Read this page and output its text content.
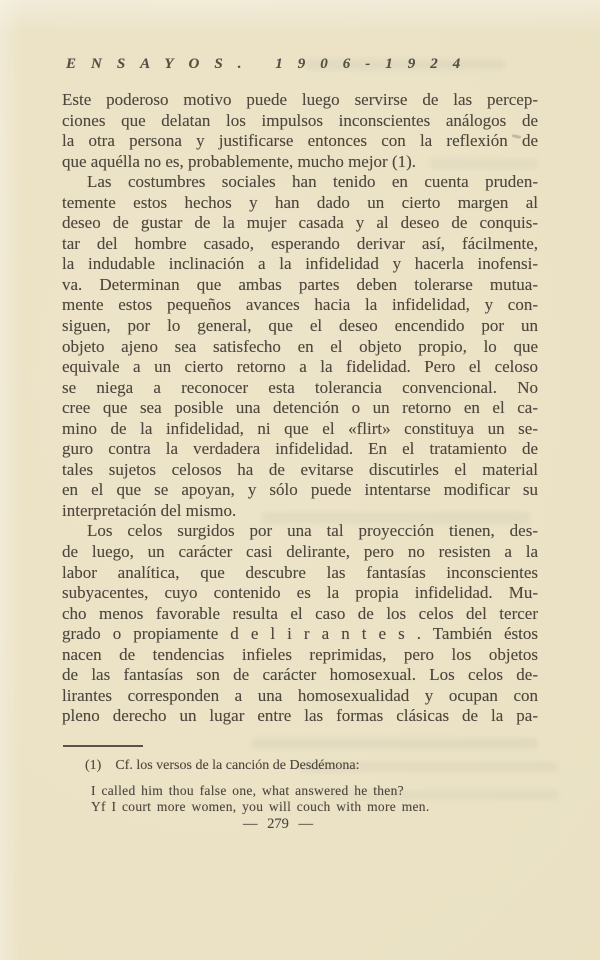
ENSAYOS. 1906-1924
Este poderoso motivo puede luego servirse de las percep-
ciones que delatan los impulsos inconscientes análogos de
la otra persona y justificarse entonces con la reflexión de
que aquélla no es, probablemente, mucho mejor (1).
Las costumbres sociales han tenido en cuenta pruden-
temente estos hechos y han dado un cierto margen al
deseo de gustar de la mujer casada y al deseo de conquis-
tar del hombre casado, esperando derivar así, fácilmente,
la indudable inclinación a la infidelidad y hacerla inofensi-
va. Determinan que ambas partes deben tolerarse mutua-
mente estos pequeños avances hacia la infidelidad, y con-
siguen, por lo general, que el deseo encendido por un
objeto ajeno sea satisfecho en el objeto propio, lo que
equivale a un cierto retorno a la fidelidad. Pero el celoso
se niega a reconocer esta tolerancia convencional. No
cree que sea posible una detención o un retorno en el ca-
mino de la infidelidad, ni que el «flirt» constituya un se-
guro contra la verdadera infidelidad. En el tratamiento de
tales sujetos celosos ha de evitarse discutirles el material
en el que se apoyan, y sólo puede intentarse modificar su
interpretación del mismo.
Los celos surgidos por una tal proyección tienen, des-
de luego, un carácter casi delirante, pero no resisten a la
labor analítica, que descubre las fantasías inconscientes
subyacentes, cuyo contenido es la propia infidelidad. Mu-
cho menos favorable resulta el caso de los celos del tercer
grado o propiamente d e l i r a n t e s . También éstos
nacen de tendencias infieles reprimidas, pero los objetos
de las fantasías son de carácter homosexual. Los celos de-
lirantes corresponden a una homosexualidad y ocupan con
pleno derecho un lugar entre las formas clásicas de la pa-
(1) Cf. los versos de la canción de Desdémona:
I called him thou false one, what answered he then?
Yf I court more women, you will couch with more men.
— 279 —
